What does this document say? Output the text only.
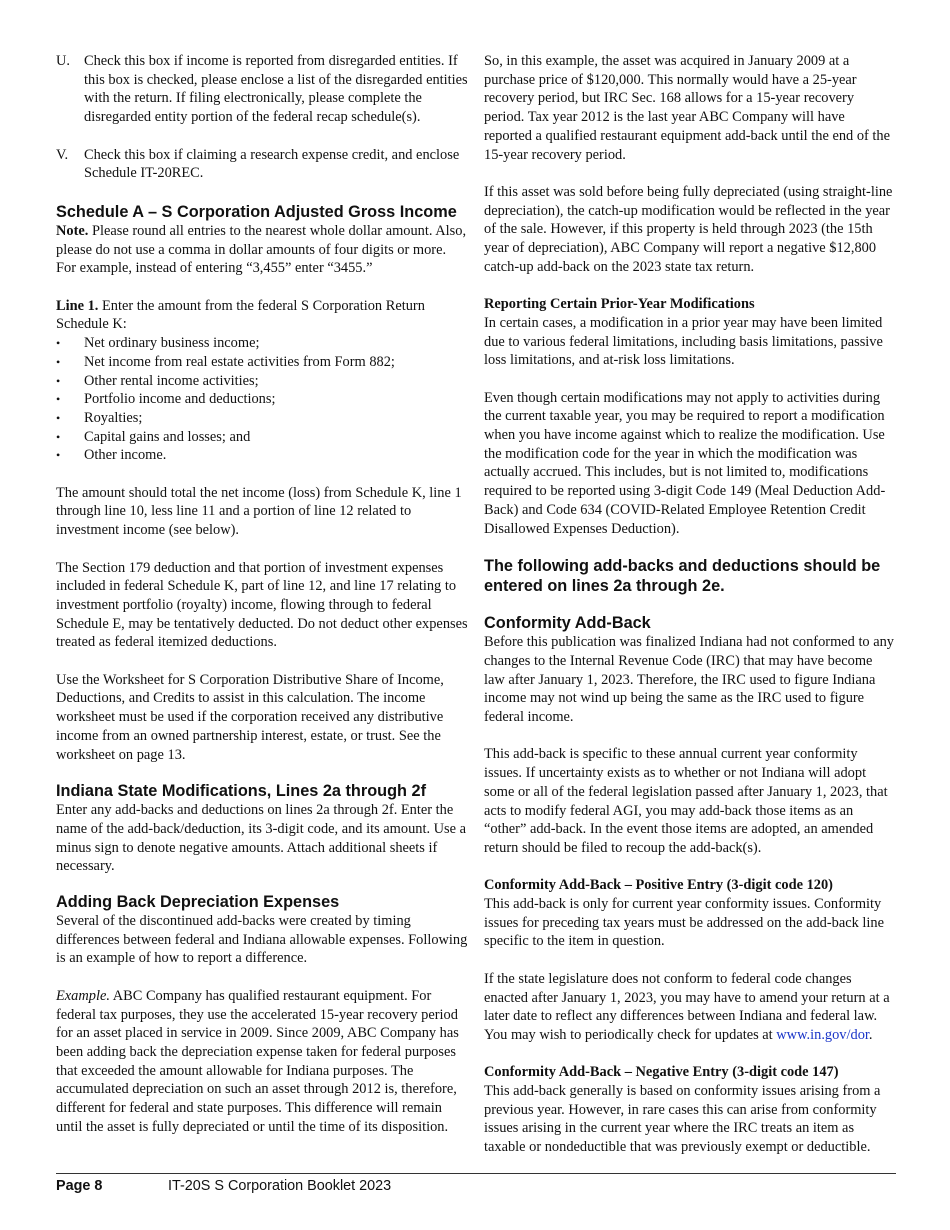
U. Check this box if income is reported from disregarded entities. If this box is checked, please enclose a list of the disregarded entities with the return. If filing electronically, please complete the disregarded entity portion of the federal recap schedule(s).
V.	Check this box if claiming a research expense credit, and enclose Schedule IT-20REC.
Schedule A – S Corporation Adjusted Gross Income

Note. Please round all entries to the nearest whole dollar amount. Also, please do not use a comma in dollar amounts of four digits or more. For example, instead of entering “3,455” enter “3455.”

Line 1. Enter the amount from the federal S Corporation Return Schedule K:

•	Net ordinary business income;
•	Net income from real estate activities from Form 882;
•	Other rental income activities;
•	Portfolio income and deductions;
•	Royalties;
•	Capital gains and losses; and
•	Other income.

The amount should total the net income (loss) from Schedule K, line 1 through line 10, less line 11 and a portion of line 12 related to investment income (see below).

The Section 179 deduction and that portion of investment expenses included in federal Schedule K, part of line 12, and line 17 relating to investment portfolio (royalty) income, flowing through to federal Schedule E, may be tentatively deducted. Do not deduct other expenses treated as federal itemized deductions.

Use the Worksheet for S Corporation Distributive Share of Income, Deductions, and Credits to assist in this calculation. The income worksheet must be used if the corporation received any distributive income from an owned partnership interest, estate, or trust. See the worksheet on page 13.

Indiana State Modifications, Lines 2a through 2f

Enter any add-backs and deductions on lines 2a through 2f. Enter the name of the add-back/deduction, its 3-digit code, and its amount. Use a minus sign to denote negative amounts. Attach additional sheets if necessary.

Adding Back Depreciation Expenses

Several of the discontinued add-backs were created by timing differences between federal and Indiana allowable expenses. Following is an example of how to report a difference.

Example. ABC Company has qualified restaurant equipment. For federal tax purposes, they use the accelerated 15-year recovery period for an asset placed in service in 2009. Since 2009, ABC Company has been adding back the depreciation expense taken for federal purposes that exceeded the amount allowable for Indiana purposes. The accumulated depreciation on such an asset through 2012 is, therefore, different for federal and state purposes. This difference will remain until the asset is fully depreciated or until the time of its disposition.

So, in this example, the asset was acquired in January 2009 at a purchase price of $120,000. This normally would have a 25-year recovery period, but IRC Sec. 168 allows for a 15-year recovery period. Tax year 2012 is the last year ABC Company will have reported a qualified restaurant equipment add-back until the end of the 15-year recovery period.

If this asset was sold before being fully depreciated (using straight-line depreciation), the catch-up modification would be reflected in the year of the sale. However, if this property is held through 2023 (the 15th year of depreciation), ABC Company will report a negative $12,800 catch-up add-back on the 2023 state tax return.

Reporting Certain Prior-Year Modifications

In certain cases, a modification in a prior year may have been limited due to various federal limitations, including basis limitations, passive loss limitations, and at-risk loss limitations.

Even though certain modifications may not apply to activities during the current taxable year, you may be required to report a modification when you have income against which to realize the modification. Use the modification code for the year in which the modification was actually accrued. This includes, but is not limited to, modifications required to be reported using 3-digit Code 149 (Meal Deduction Add-Back) and Code 634 (COVID-Related Employee Retention Credit Disallowed Expenses Deduction).

The following add-backs and deductions should be entered on lines 2a through 2e.
Conformity Add-Back

Before this publication was finalized Indiana had not conformed to any changes to the Internal Revenue Code (IRC) that may have become law after January 1, 2023. Therefore, the IRC used to figure Indiana income may not wind up being the same as the IRC used to figure federal income.

This add-back is specific to these annual current year conformity issues. If uncertainty exists as to whether or not Indiana will adopt some or all of the federal legislation passed after January 1, 2023, that acts to modify federal AGI, you may add-back those items as an “other” add-back. In the event those items are adopted, an amended return should be filed to recoup the add-back(s).

Conformity Add-Back – Positive Entry (3-digit code 120)

This add-back is only for current year conformity issues. Conformity issues for preceding tax years must be addressed on the add-back line specific to the item in question.

If the state legislature does not conform to federal code changes enacted after January 1, 2023, you may have to amend your return at a later date to reflect any differences between Indiana and federal law. You may wish to periodically check for updates at www.in.gov/dor.

Conformity Add-Back – Negative Entry (3-digit code 147)

This add-back generally is based on conformity issues arising from a previous year. However, in rare cases this can arise from conformity issues arising in the current year where the IRC treats an item as taxable or nondeductible that was previously exempt or deductible.

Page 8	IT-20S S Corporation Booklet 2023
